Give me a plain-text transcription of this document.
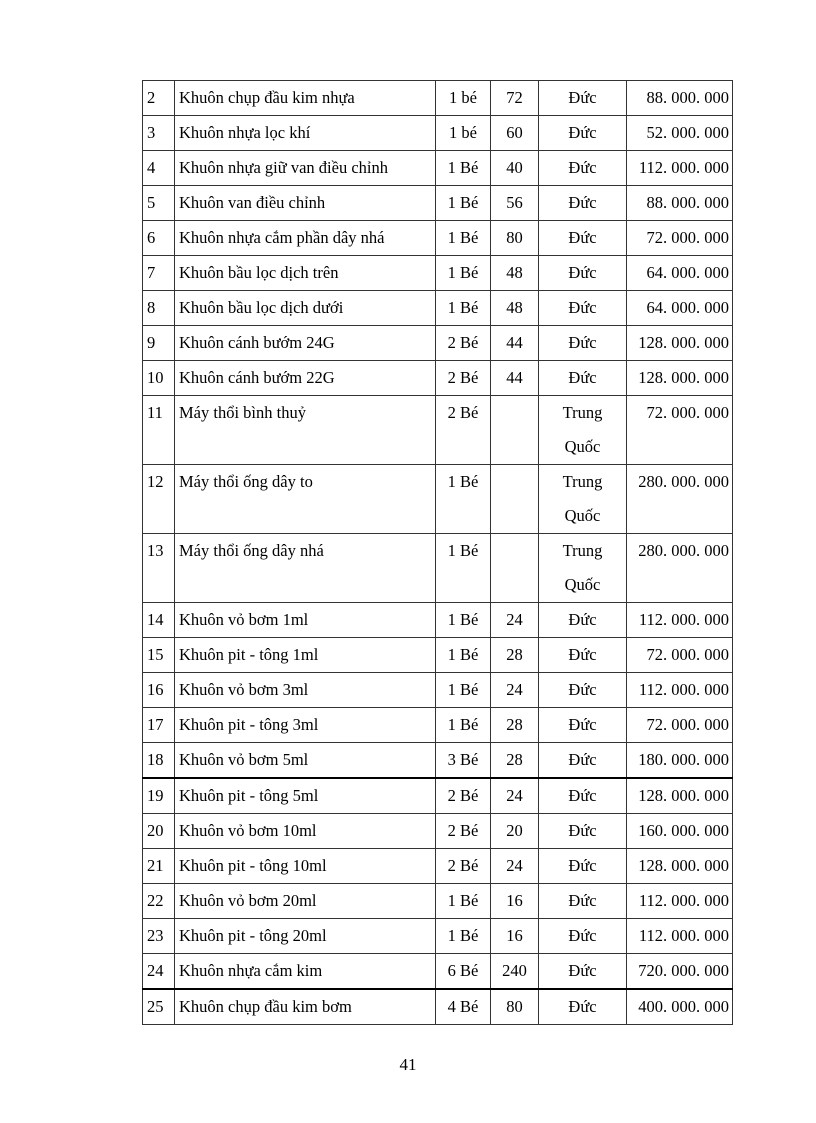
2	Khuôn chụp đầu kim nhựa	1 bé	72	Đức	88. 000. 000
3	Khuôn nhựa lọc khí	1 bé	60	Đức	52. 000. 000
4	Khuôn nhựa giữ van điều chỉnh	1 Bé	40	Đức	112. 000. 000
5	Khuôn van điều chỉnh	1 Bé	56	Đức	88. 000. 000
6	Khuôn nhựa cắm phần dây nhá	1 Bé	80	Đức	72. 000. 000
7	Khuôn bầu lọc dịch trên	1 Bé	48	Đức	64. 000. 000
8	Khuôn bầu lọc dịch dưới	1 Bé	48	Đức	64. 000. 000
9	Khuôn cánh bướm 24G	2 Bé	44	Đức	128. 000. 000
10	Khuôn cánh bướm 22G	2 Bé	44	Đức	128. 000. 000
11	Máy thổi bình thuỷ	2 Bé		Trung Quốc	72. 000. 000
12	Máy thổi ống dây to	1 Bé		Trung Quốc	280. 000. 000
13	Máy thổi ống dây nhá	1 Bé		Trung Quốc	280. 000. 000
14	Khuôn vỏ bơm 1ml	1 Bé	24	Đức	112. 000. 000
15	Khuôn pit - tông 1ml	1 Bé	28	Đức	72. 000. 000
16	Khuôn vỏ bơm 3ml	1 Bé	24	Đức	112. 000. 000
17	Khuôn pit - tông 3ml	1 Bé	28	Đức	72. 000. 000
18	Khuôn vỏ bơm 5ml	3 Bé	28	Đức	180. 000. 000
19	Khuôn pit - tông 5ml	2 Bé	24	Đức	128. 000. 000
20	Khuôn vỏ bơm 10ml	2 Bé	20	Đức	160. 000. 000
21	Khuôn pit - tông 10ml	2 Bé	24	Đức	128. 000. 000
22	Khuôn vỏ bơm 20ml	1 Bé	16	Đức	112. 000. 000
23	Khuôn pit - tông 20ml	1 Bé	16	Đức	112. 000. 000
24	Khuôn nhựa cắm kim	6 Bé	240	Đức	720. 000. 000
25	Khuôn chụp đầu kim bơm	4 Bé	80	Đức	400. 000. 000
41
